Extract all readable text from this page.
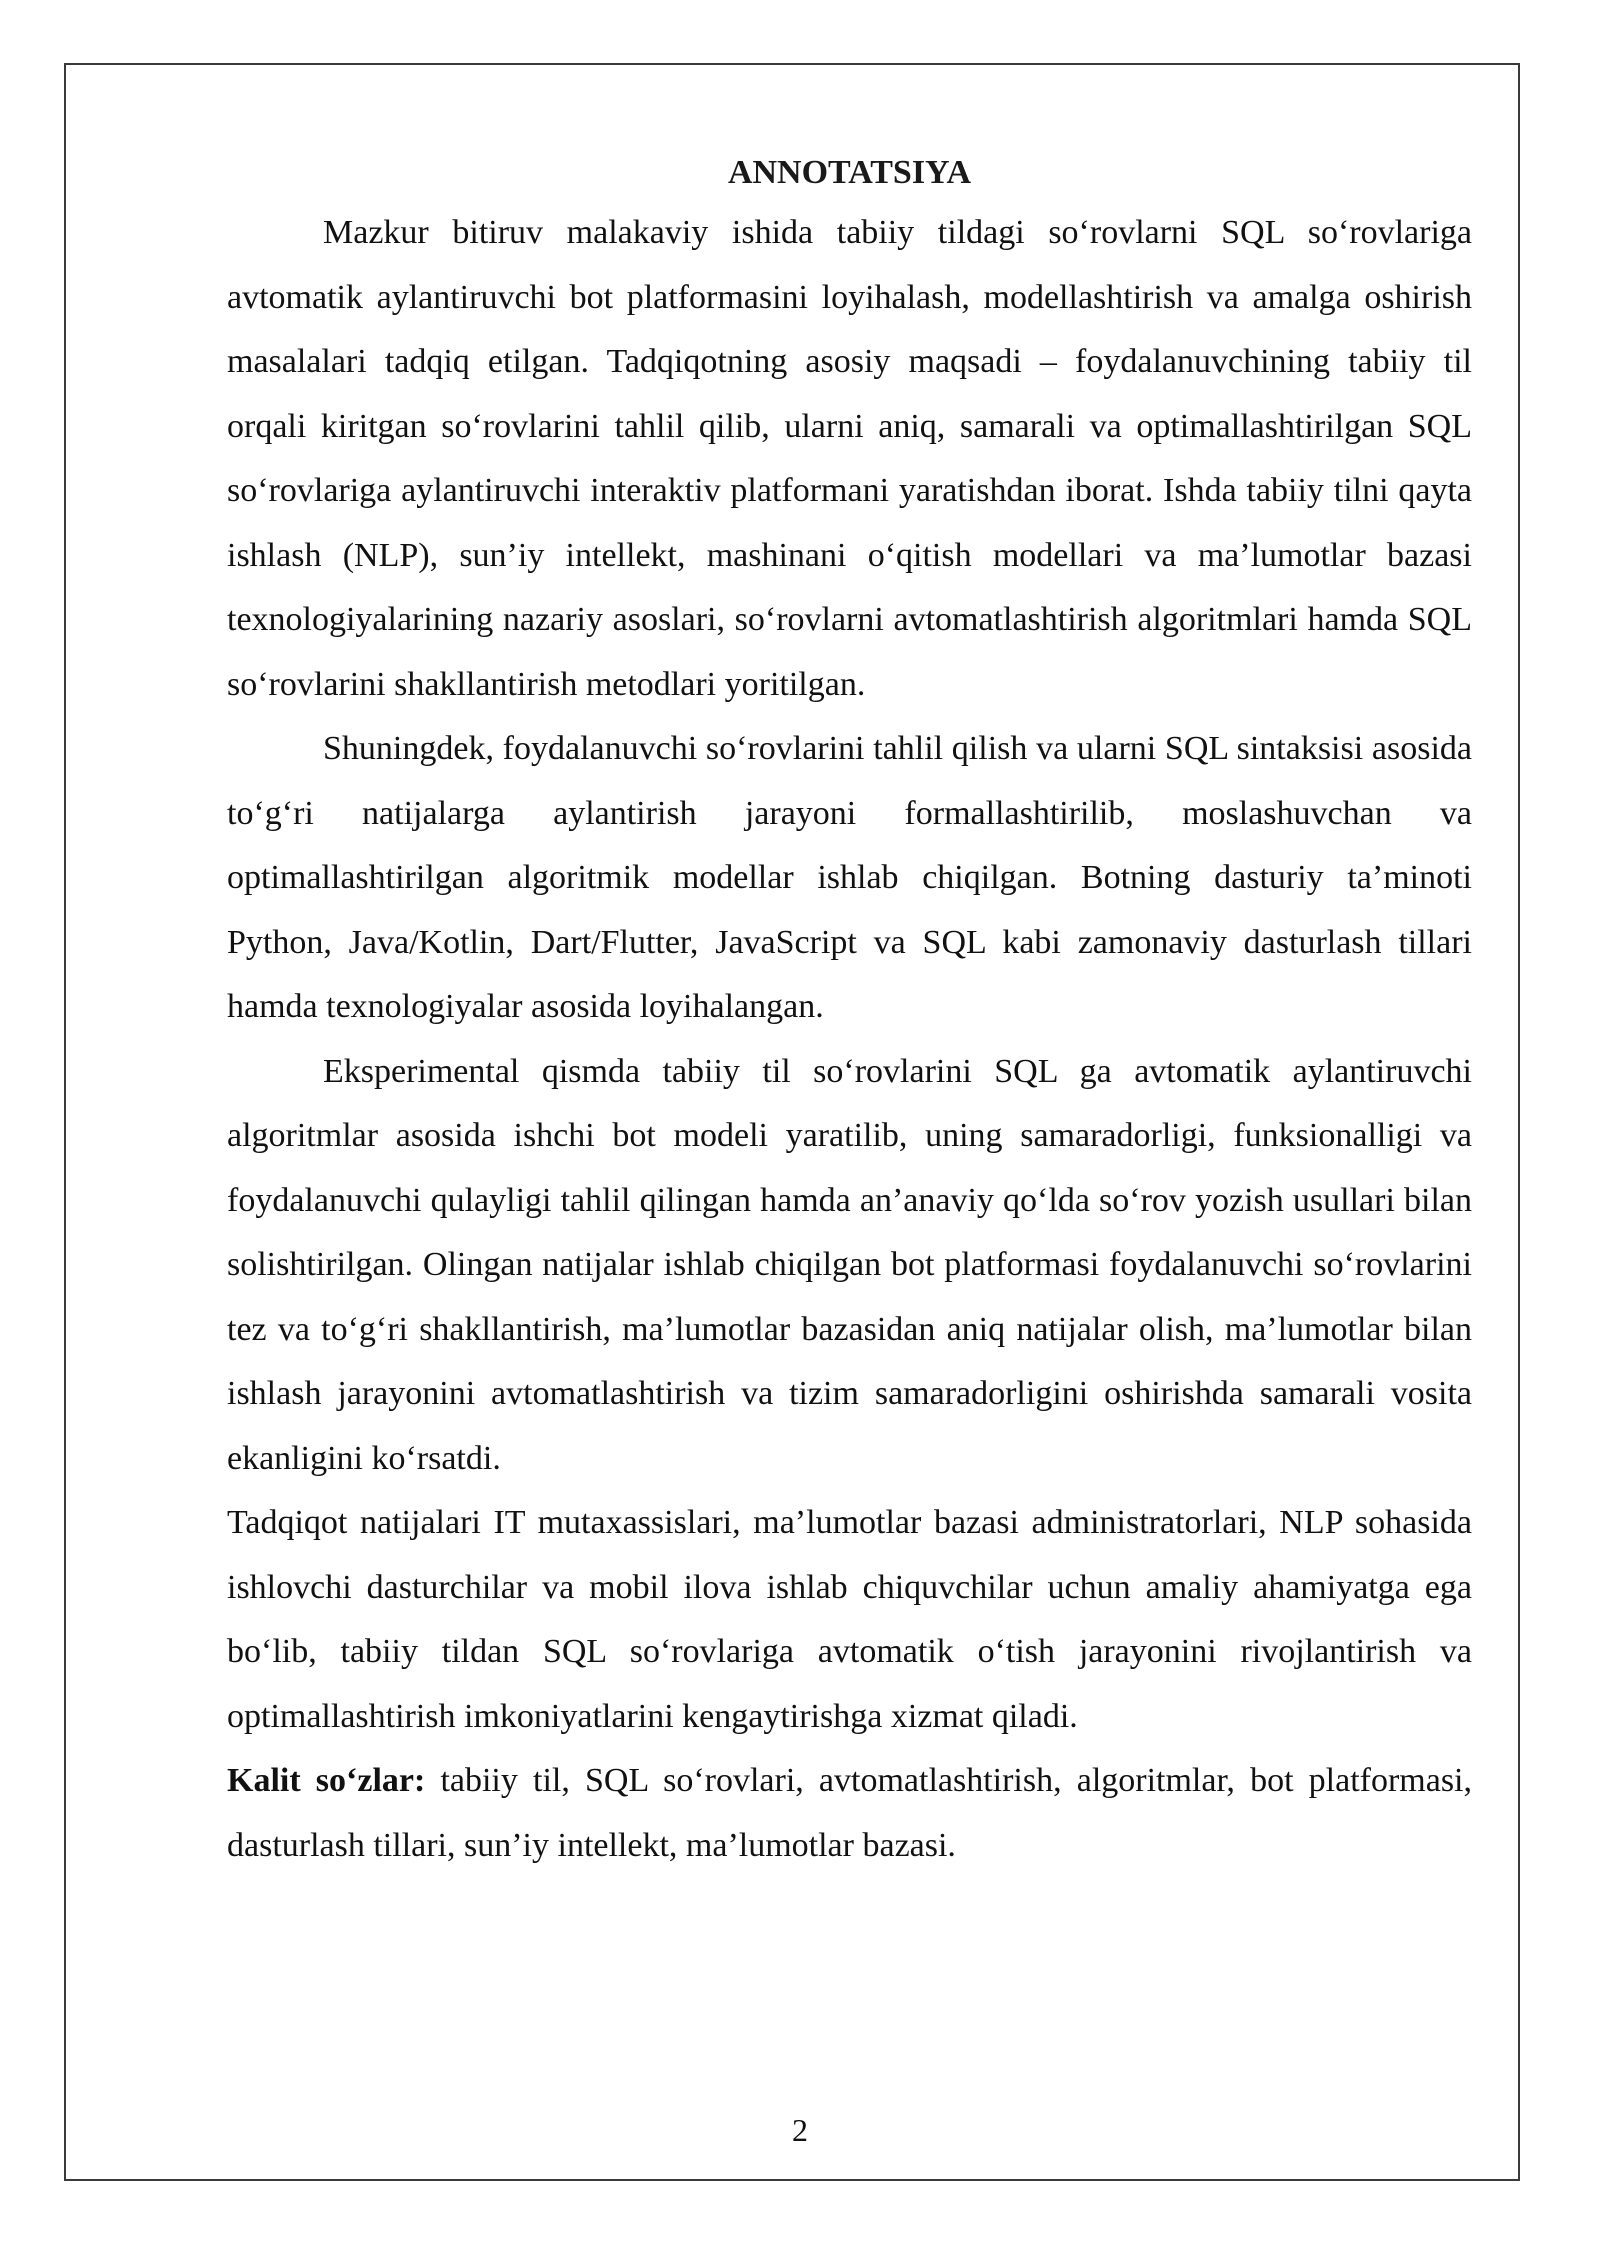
ANNOTATSIYA

Mazkur bitiruv malakaviy ishida tabiiy tildagi so‘rovlarni SQL so‘rovlariga avtomatik aylantiruvchi bot platformasini loyihalash, modellashtirish va amalga oshirish masalalari tadqiq etilgan. Tadqiqotning asosiy maqsadi – foydalanuvchining tabiiy til orqali kiritgan so‘rovlarini tahlil qilib, ularni aniq, samarali va optimallashtirilgan SQL so‘rovlariga aylantiruvchi interaktiv platformani yaratishdan iborat. Ishda tabiiy tilni qayta ishlash (NLP), sun’iy intellekt, mashinani o‘qitish modellari va ma’lumotlar bazasi texnologiyalarining nazariy asoslari, so‘rovlarni avtomatlashtirish algoritmlari hamda SQL so‘rovlarini shakllantirish metodlari yoritilgan.

Shuningdek, foydalanuvchi so‘rovlarini tahlil qilish va ularni SQL sintaksisi asosida to‘g‘ri natijalarga aylantirish jarayoni formallashtirilib, moslashuvchan va optimallashtirilgan algoritmik modellar ishlab chiqilgan. Botning dasturiy ta’minoti Python, Java/Kotlin, Dart/Flutter, JavaScript va SQL kabi zamonaviy dasturlash tillari hamda texnologiyalar asosida loyihalangan.

Eksperimental qismda tabiiy til so‘rovlarini SQL ga avtomatik aylantiruvchi algoritmlar asosida ishchi bot modeli yaratilib, uning samaradorligi, funksionalligi va foydalanuvchi qulayligi tahlil qilingan hamda an’anaviy qo‘lda so‘rov yozish usullari bilan solishtirilgan. Olingan natijalar ishlab chiqilgan bot platformasi foydalanuvchi so‘rovlarini tez va to‘g‘ri shakllantirish, ma’lumotlar bazasidan aniq natijalar olish, ma’lumotlar bilan ishlash jarayonini avtomatlashtirish va tizim samaradorligini oshirishda samarali vosita ekanligini ko‘rsatdi.

Tadqiqot natijalari IT mutaxassislari, ma’lumotlar bazasi administratorlari, NLP sohasida ishlovchi dasturchilar va mobil ilova ishlab chiquvchilar uchun amaliy ahamiyatga ega bo‘lib, tabiiy tildan SQL so‘rovlariga avtomatik o‘tish jarayonini rivojlantirish va optimallashtirish imkoniyatlarini kengaytirishga xizmat qiladi.

Kalit so‘zlar: tabiiy til, SQL so‘rovlari, avtomatlashtirish, algoritmlar, bot platformasi, dasturlash tillari, sun’iy intellekt, ma’lumotlar bazasi.

2
